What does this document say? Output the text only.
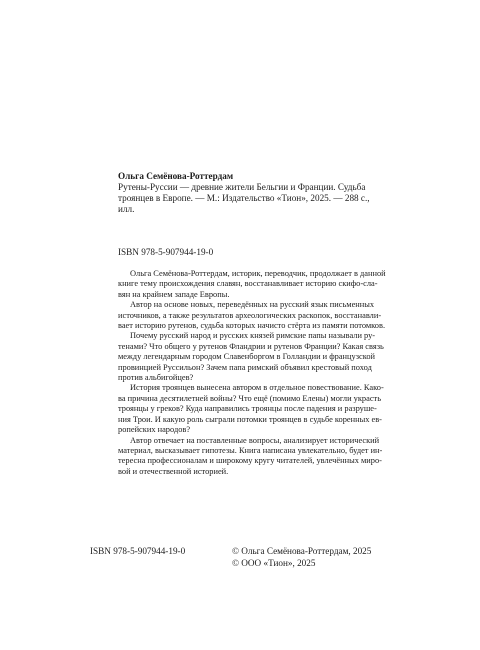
Ольга Семёнова-Роттердам
Рутены-Русcии — древние жители Бельгии и Франции. Судьба
троянцев в Европе. — М.: Издательство «Тион», 2025. — 288 с.,
илл.
ISBN 978-5-907944-19-0

Ольга Семёнова-Роттердам, историк, переводчик, продолжает в данной
книге тему происхождения славян, восстанавливает историю скифо-сла-
вян на крайнем западе Европы.

Автор на основе новых, переведённых на русский язык письменных
источников, а также результатов археологических раскопок, восстанавли-
вает историю рутенов, судьба которых начисто стёрта из памяти потомков.

Почему русский народ и русских князей римские папы называли ру-
тенами? Что общего у рутенов Фландрии и рутенов Франции? Какая связь
между легендарным городом Славенборгом в Голландии и французской
провинцией Руссильон? Зачем папа римский объявил крестовый поход
против альбигойцев?

История троянцев вынесена автором в отдельное повествование. Како-
ва причина десятилетней войны? Что ещё (помимо Елены) могли украсть
троянцы у греков? Куда направились троянцы после падения и разруше-
ния Трои. И какую роль сыграли потомки троянцев в судьбе коренных ев-
ропейских народов?

Автор отвечает на поставленные вопросы, анализирует исторический
материал, высказывает гипотезы. Книга написана увлекательно, будет ин-
тересна профессионалам и широкому кругу читателей, увлечённых миро-
вой и отечественной историей.

ISBN 978-5-907944-19-0	© Ольга Семёнова-Роттердам, 2025
© ООО «Тион», 2025
